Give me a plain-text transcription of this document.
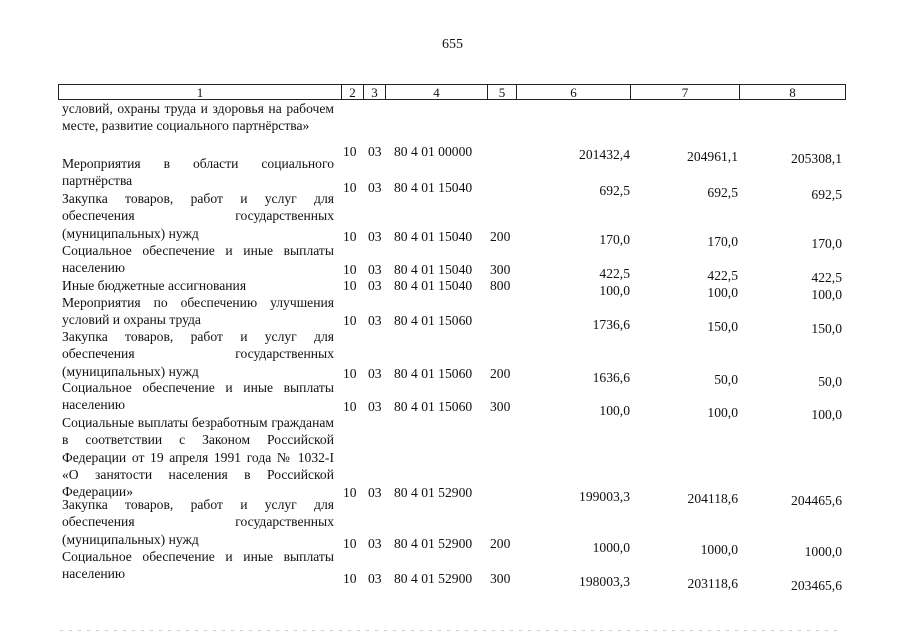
655
1	2	3	4	5	6	7	8
условий, охраны труда и здоровья на рабочем месте, развитие социального партнёрства»
10 03 80 4 01 00000	201432,4	204961,1	205308,1
Мероприятия в области социального партнёрства	10 03 80 4 01 15040	692,5	692,5	692,5
Закупка товаров, работ и услуг для обеспечения государственных (муниципальных) нужд	10 03 80 4 01 15040 200	170,0	170,0	170,0
Социальное обеспечение и иные выплаты населению	10 03 80 4 01 15040 300	422,5	422,5	422,5
Иные бюджетные ассигнования	10 03 80 4 01 15040 800	100,0	100,0	100,0
Мероприятия по обеспечению улучшения условий и охраны труда	10 03 80 4 01 15060	1736,6	150,0	150,0
Закупка товаров, работ и услуг для обеспечения государственных (муниципальных) нужд	10 03 80 4 01 15060 200	1636,6	50,0	50,0
Социальное обеспечение и иные выплаты населению	10 03 80 4 01 15060 300	100,0	100,0	100,0
Социальные выплаты безработным гражданам в соответствии с Законом Российской Федерации от 19 апреля 1991 года № 1032-I «О занятости населения в Российской Федерации»	10 03 80 4 01 52900	199003,3	204118,6	204465,6
Закупка товаров, работ и услуг для обеспечения государственных (муниципальных) нужд	10 03 80 4 01 52900 200	1000,0	1000,0	1000,0
Социальное обеспечение и иные выплаты населению	10 03 80 4 01 52900 300	198003,3	203118,6	203465,6
